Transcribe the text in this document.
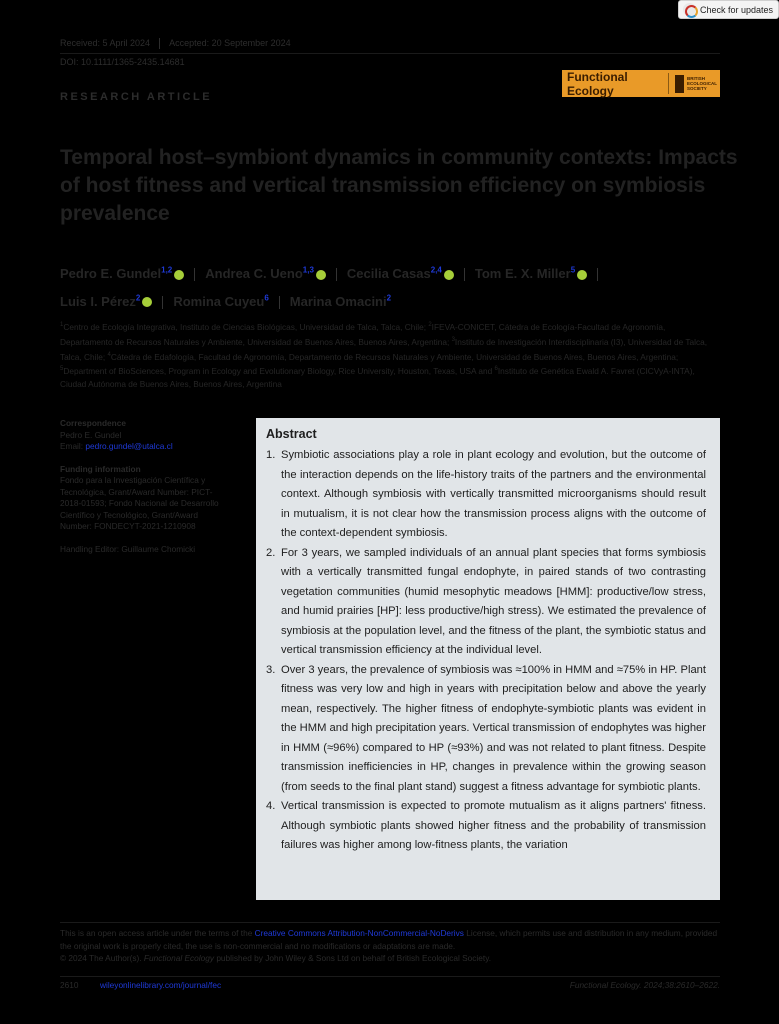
Check for updates
Received: 5 April 2024 Accepted: 20 September 2024
DOI: 10.1111/1365-2435.14681
Functional Ecology
BRITISH
ECOLOGICAL
SOCIETY
RESEARCH ARTICLE
Temporal host–symbiont dynamics in community contexts: Impacts of host fitness and vertical transmission efficiency on symbiosis prevalence
Pedro E. Gundel$^{1,2}$	Andrea C. Ueno$^{1,3}$	Cecilia Casas$^{2,4}$	Tom E. X. Miller$^5$
Luis I. Pérez$^2$	Romina Cuyeu$^6$ Marina Omacini$^2$
$^1$Centro de Ecología Integrativa, Instituto de Ciencias Biológicas, Universidad de Talca, Talca, Chile; $^2$IFEVA-CONICET, Cátedra de Ecología-Facultad de Agronomía, Departamento de Recursos Naturales y Ambiente, Universidad de Buenos Aires, Buenos Aires, Argentina; $^3$Instituto de Investigación Interdisciplinaria (I3), Universidad de Talca, Talca, Chile; $^4$Cátedra de Edafología, Facultad de Agronomía, Departamento de Recursos Naturales y Ambiente, Universidad de Buenos Aires, Buenos Aires, Argentina; $^5$Department of BioSciences, Program in Ecology and Evolutionary Biology, Rice University, Houston, Texas, USA and $^6$Instituto de Genética Ewald A. Favret (CICVyA-INTA), Ciudad Autónoma de Buenos Aires, Buenos Aires, Argentina
Correspondence
Pedro E. Gundel
Email: pedro.gundel@utalca.cl
Funding information
Fondo para la Investigación Científica y Tecnológica, Grant/Award Number: PICT-2018-01593; Fondo Nacional de Desarrollo Científico y Tecnológico, Grant/Award Number: FONDECYT-2021-1210908
Handling Editor: Guillaume Chomicki
Abstract
1. Symbiotic associations play a role in plant ecology and evolution, but the outcome of the interaction depends on the life-history traits of the partners and the environmental context. Although symbiosis with vertically transmitted microorganisms should result in mutualism, it is not clear how the transmission process aligns with the outcome of the context-dependent symbiosis.
2. For 3 years, we sampled individuals of an annual plant species that forms symbiosis with a vertically transmitted fungal endophyte, in paired stands of two contrasting vegetation communities (humid mesophytic meadows [HMM]: productive/low stress, and humid prairies [HP]: less productive/high stress). We estimated the prevalence of symbiosis at the population level, and the fitness of the plant, the symbiotic status and vertical transmission efficiency at the individual level.
3. Over 3 years, the prevalence of symbiosis was ≈100% in HMM and ≈75% in HP. Plant fitness was very low and high in years with precipitation below and above the yearly mean, respectively. The higher fitness of endophyte-symbiotic plants was evident in the HMM and high precipitation years. Vertical transmission of endophytes was higher in HMM (≈96%) compared to HP (≈93%) and was not related to plant fitness. Despite transmission inefficiencies in HP, changes in prevalence within the growing season (from seeds to the final plant stand) suggest a fitness advantage for symbiotic plants.
4. Vertical transmission is expected to promote mutualism as it aligns partners' fitness. Although symbiotic plants showed higher fitness and the probability of transmission failures was higher among low-fitness plants, the variation
This is an open access article under the terms of the Creative Commons Attribution-NonCommercial-NoDerivs License, which permits use and distribution in any medium, provided the original work is properly cited, the use is non-commercial and no modifications or adaptations are made.
© 2024 The Author(s). Functional Ecology published by John Wiley & Sons Ltd on behalf of British Ecological Society.
2610	wileyonlinelibrary.com/journal/fec	Functional Ecology. 2024;38:2610–2622.
